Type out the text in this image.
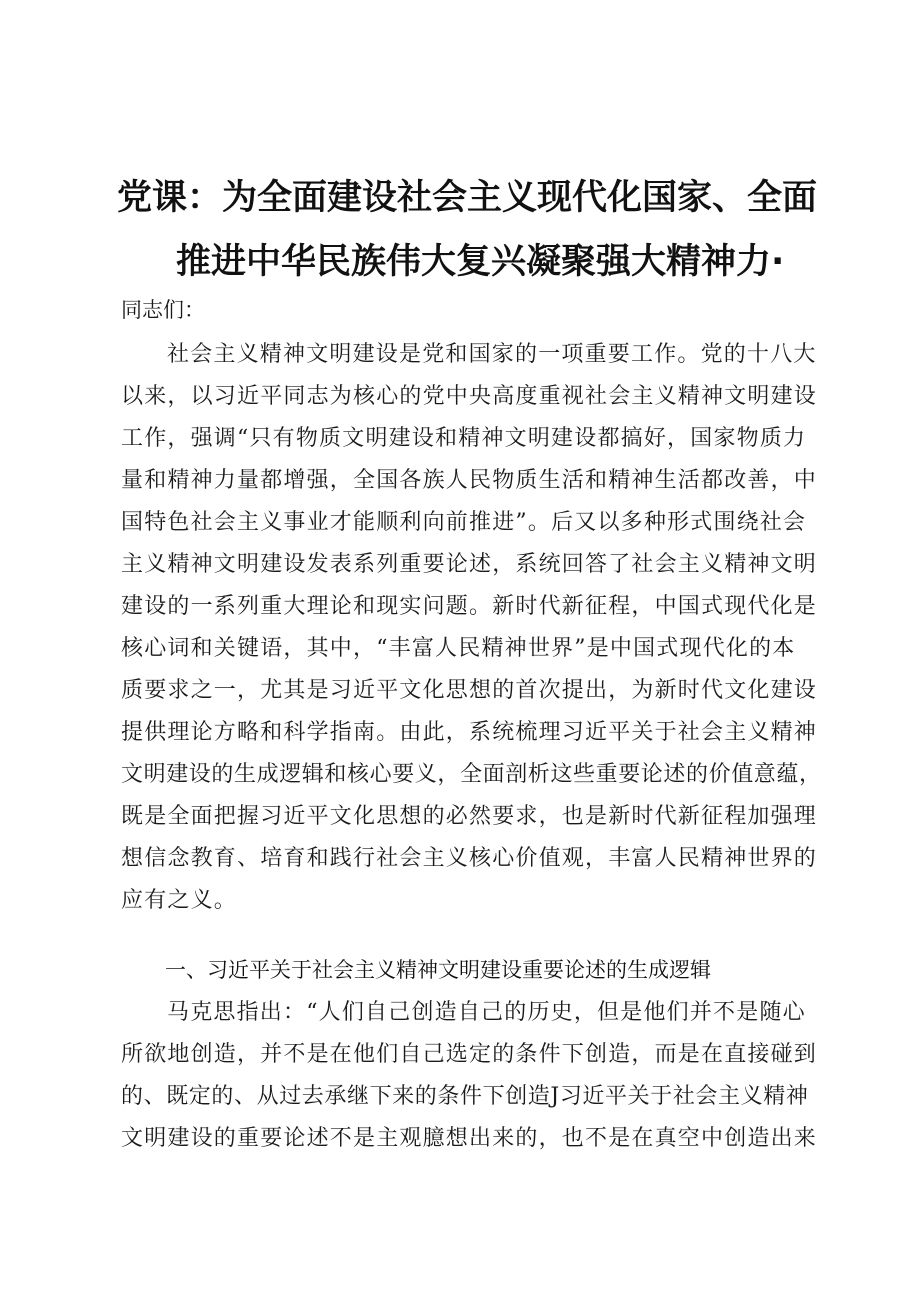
党课：为全面建设社会主义现代化国家、全面
推进中华民族伟大复兴凝聚强大精神力·
同志们：
社会主义精神文明建设是党和国家的一项重要工作。党的十八大
以来，以习近平同志为核心的党中央高度重视社会主义精神文明建设
工作，强调“只有物质文明建设和精神文明建设都搞好，国家物质力
量和精神力量都增强，全国各族人民物质生活和精神生活都改善，中
国特色社会主义事业才能顺利向前推进”。后又以多种形式围绕社会
主义精神文明建设发表系列重要论述，系统回答了社会主义精神文明
建设的一系列重大理论和现实问题。新时代新征程，中国式现代化是
核心词和关键语，其中，“丰富人民精神世界”是中国式现代化的本
质要求之一，尤其是习近平文化思想的首次提出，为新时代文化建设
提供理论方略和科学指南。由此，系统梳理习近平关于社会主义精神
文明建设的生成逻辑和核心要义，全面剖析这些重要论述的价值意蕴，
既是全面把握习近平文化思想的必然要求，也是新时代新征程加强理
想信念教育、培育和践行社会主义核心价值观，丰富人民精神世界的
应有之义。
一、习近平关于社会主义精神文明建设重要论述的生成逻辑
马克思指出：“人们自己创造自己的历史，但是他们并不是随心
所欲地创造，并不是在他们自己选定的条件下创造，而是在直接碰到
的、既定的、从过去承继下来的条件下创造J习近平关于社会主义精神
文明建设的重要论述不是主观臆想出来的，也不是在真空中创造出来
